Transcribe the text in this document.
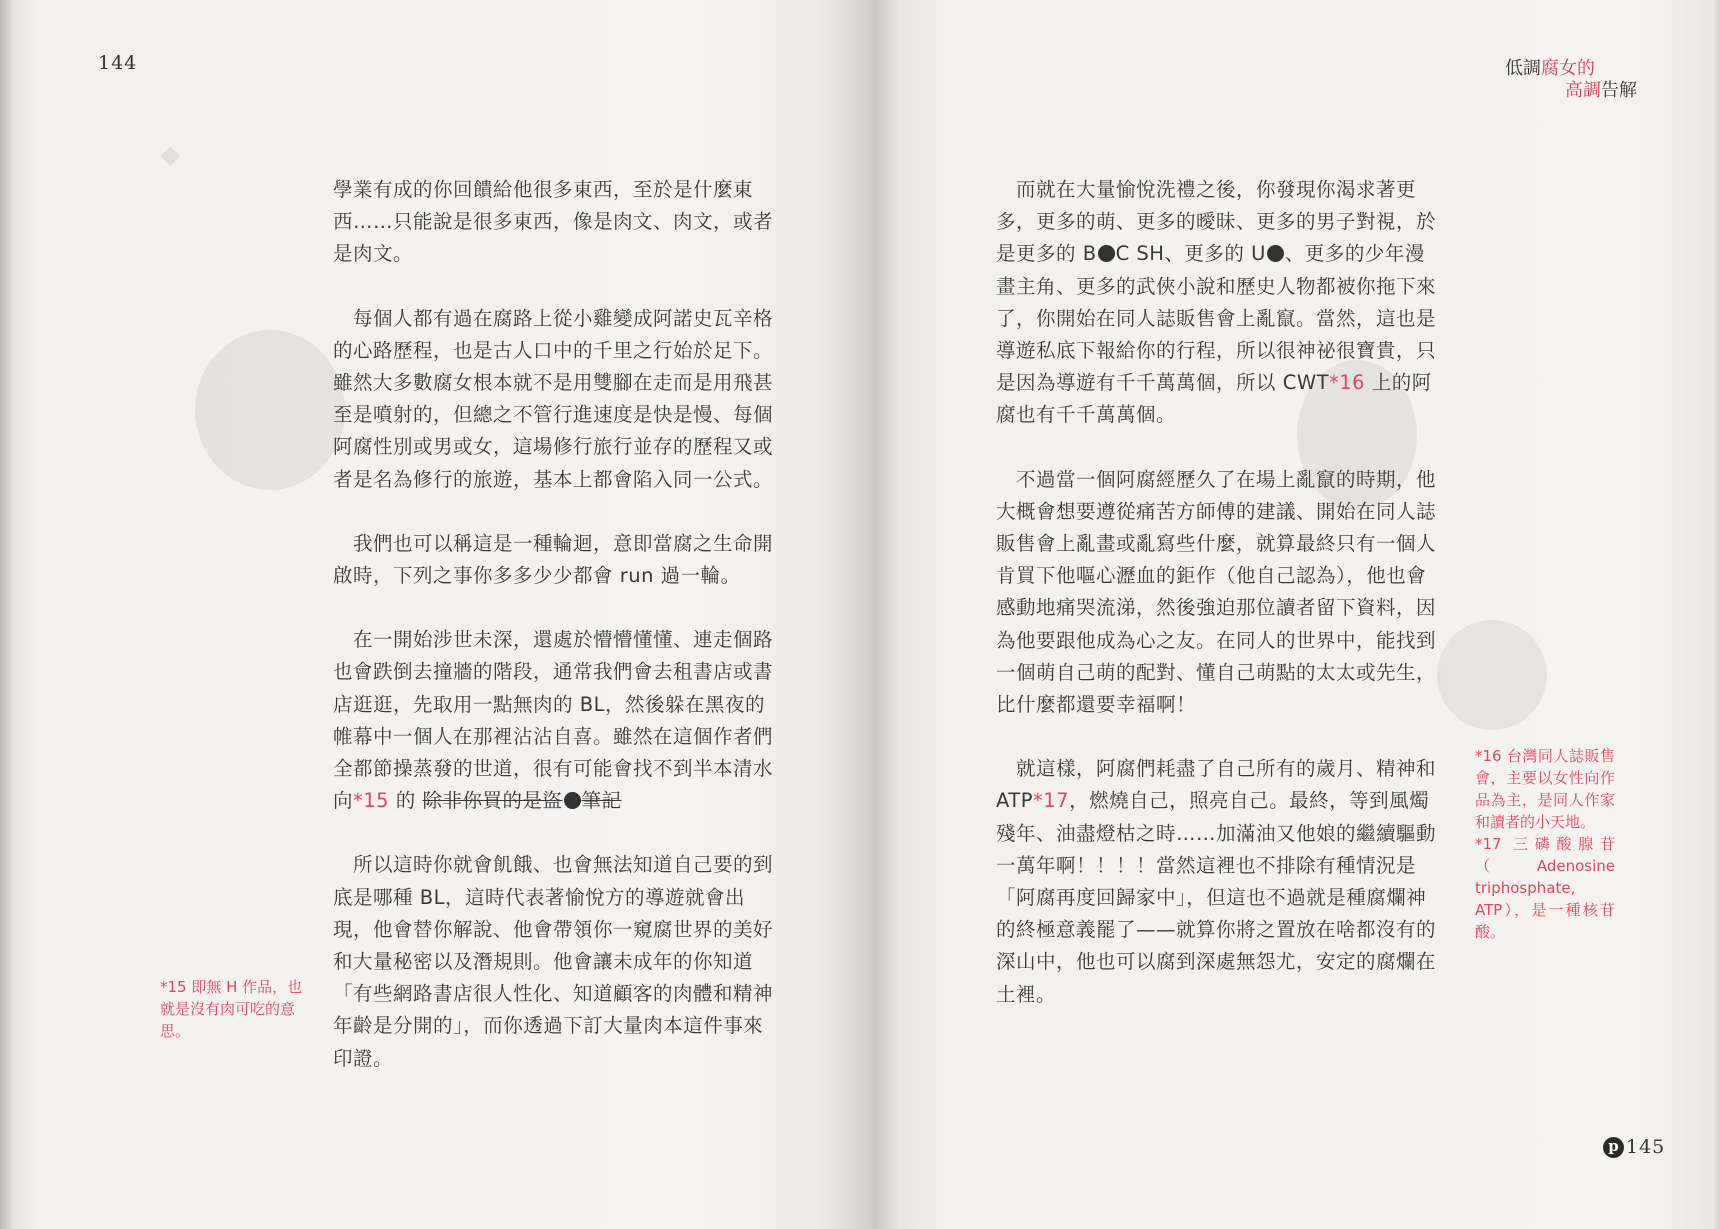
◆
144

學業有成的你回饋給他很多東西，至於是什麼東西……只能說是很多東西，像是肉文、肉文，或者是肉文。

每個人都有過在腐路上從小雞變成阿諾史瓦辛格的心路歷程，也是古人口中的千里之行始於足下。雖然大多數腐女根本就不是用雙腳在走而是用飛甚至是噴射的，但總之不管行進速度是快是慢、每個阿腐性別或男或女，這場修行旅行並存的歷程又或者是名為修行的旅遊，基本上都會陷入同一公式。

我們也可以稱這是一種輪迴，意即當腐之生命開啟時，下列之事你多多少少都會 run 過一輪。

在一開始涉世未深，還處於懵懵懂懂、連走個路也會跌倒去撞牆的階段，通常我們會去租書店或書店逛逛，先取用一點無肉的 BL，然後躲在黑夜的帷幕中一個人在那裡沾沾自喜。雖然在這個作者們全都節操蒸發的世道，很有可能會找不到半本清水向*15 的 除非你買的是盜 筆記

所以這時你就會飢餓、也會無法知道自己要的到底是哪種 BL，這時代表著愉悅方的導遊就會出現，他會替你解說、他會帶領你一窺腐世界的美好和大量秘密以及潛規則。他會讓未成年的你知道「有些網路書店很人性化、知道顧客的肉體和精神年齡是分開的」，而你透過下訂大量肉本這件事來印證。

*15 即無 H 作品，也就是沒有肉可吃的意思。
低調腐女的
高調告解

而就在大量愉悅洗禮之後，你發現你渴求著更多，更多的萌、更多的曖昧、更多的男子對視，於是更多的 B C SH、更多的 U 、更多的少年漫畫主角、更多的武俠小說和歷史人物都被你拖下來了，你開始在同人誌販售會上亂竄。當然，這也是導遊私底下報給你的行程，所以很神祕很寶貴，只是因為導遊有千千萬萬個，所以 CWT*16 上的阿腐也有千千萬萬個。

不過當一個阿腐經歷久了在場上亂竄的時期，他大概會想要遵從痛苦方師傅的建議、開始在同人誌販售會上亂畫或亂寫些什麼，就算最終只有一個人肯買下他嘔心瀝血的鉅作（他自己認為），他也會感動地痛哭流涕，然後強迫那位讀者留下資料，因為他要跟他成為心之友。在同人的世界中，能找到一個萌自己萌的配對、懂自己萌點的太太或先生，比什麼都還要幸福啊！

就這樣，阿腐們耗盡了自己所有的歲月、精神和 ATP*17，燃燒自己，照亮自己。最終，等到風燭殘年、油盡燈枯之時……加滿油又他娘的繼續驅動一萬年啊！！！！當然這裡也不排除有種情況是「阿腐再度回歸家中」，但這也不過就是種腐爛神的終極意義罷了——就算你將之置放在啥都沒有的深山中，他也可以腐到深處無怨尤，安定的腐爛在土裡。

*16 台灣同人誌販售會，主要以女性向作品為主，是同人作家和讀者的小天地。
*17 三磷酸腺苷（Adenosine triphosphate, ATP），是一種核苷酸。
p 145
